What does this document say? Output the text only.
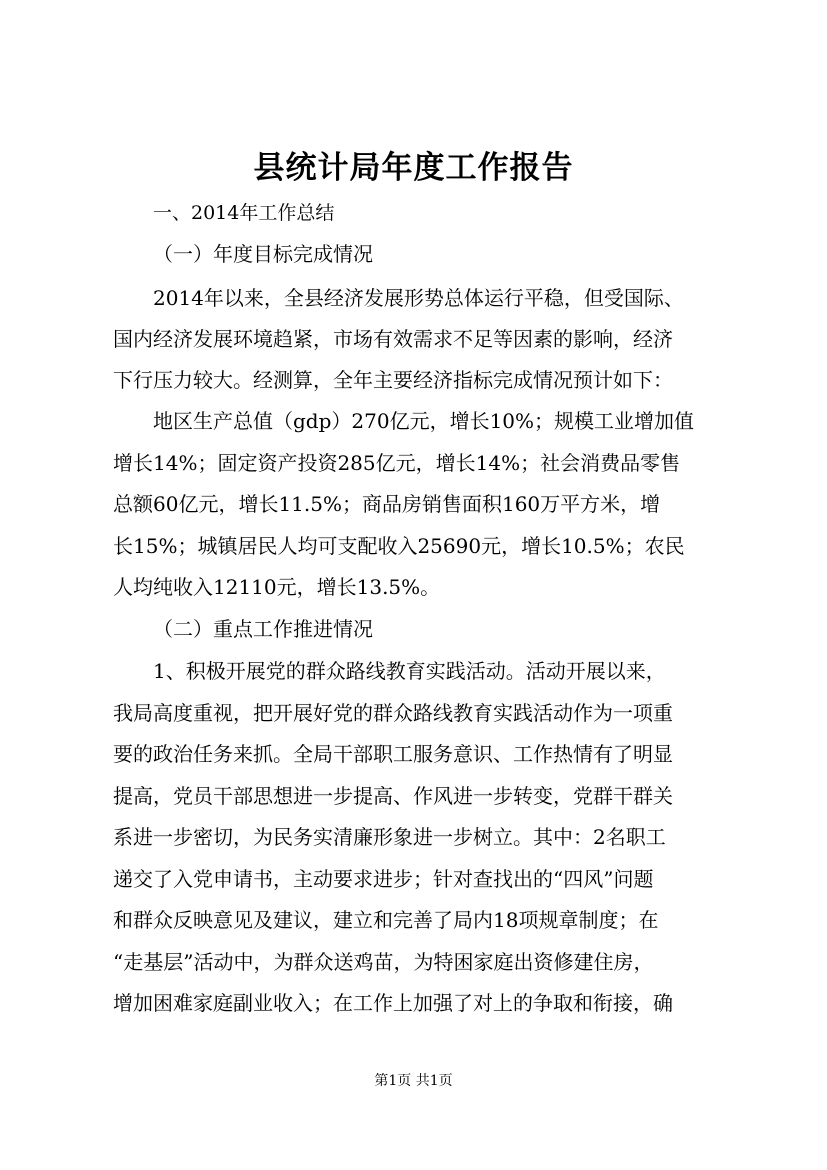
县统计局年度工作报告
一、2014年工作总结
（一）年度目标完成情况
2014年以来，全县经济发展形势总体运行平稳，但受国际、
国内经济发展环境趋紧，市场有效需求不足等因素的影响，经济
下行压力较大。经测算，全年主要经济指标完成情况预计如下：
地区生产总值（gdp）270亿元，增长10%；规模工业增加值
增长14%；固定资产投资285亿元，增长14%；社会消费品零售
总额60亿元，增长11.5%；商品房销售面积160万平方米，增
长15%；城镇居民人均可支配收入25690元，增长10.5%；农民
人均纯收入12110元，增长13.5%。
（二）重点工作推进情况
1、积极开展党的群众路线教育实践活动。活动开展以来，
我局高度重视，把开展好党的群众路线教育实践活动作为一项重
要的政治任务来抓。全局干部职工服务意识、工作热情有了明显
提高，党员干部思想进一步提高、作风进一步转变，党群干群关
系进一步密切，为民务实清廉形象进一步树立。其中：2名职工
递交了入党申请书，主动要求进步；针对查找出的“四风”问题
和群众反映意见及建议，建立和完善了局内18项规章制度；在
“走基层”活动中，为群众送鸡苗，为特困家庭出资修建住房，
增加困难家庭副业收入；在工作上加强了对上的争取和衔接，确
第1页 共1页
